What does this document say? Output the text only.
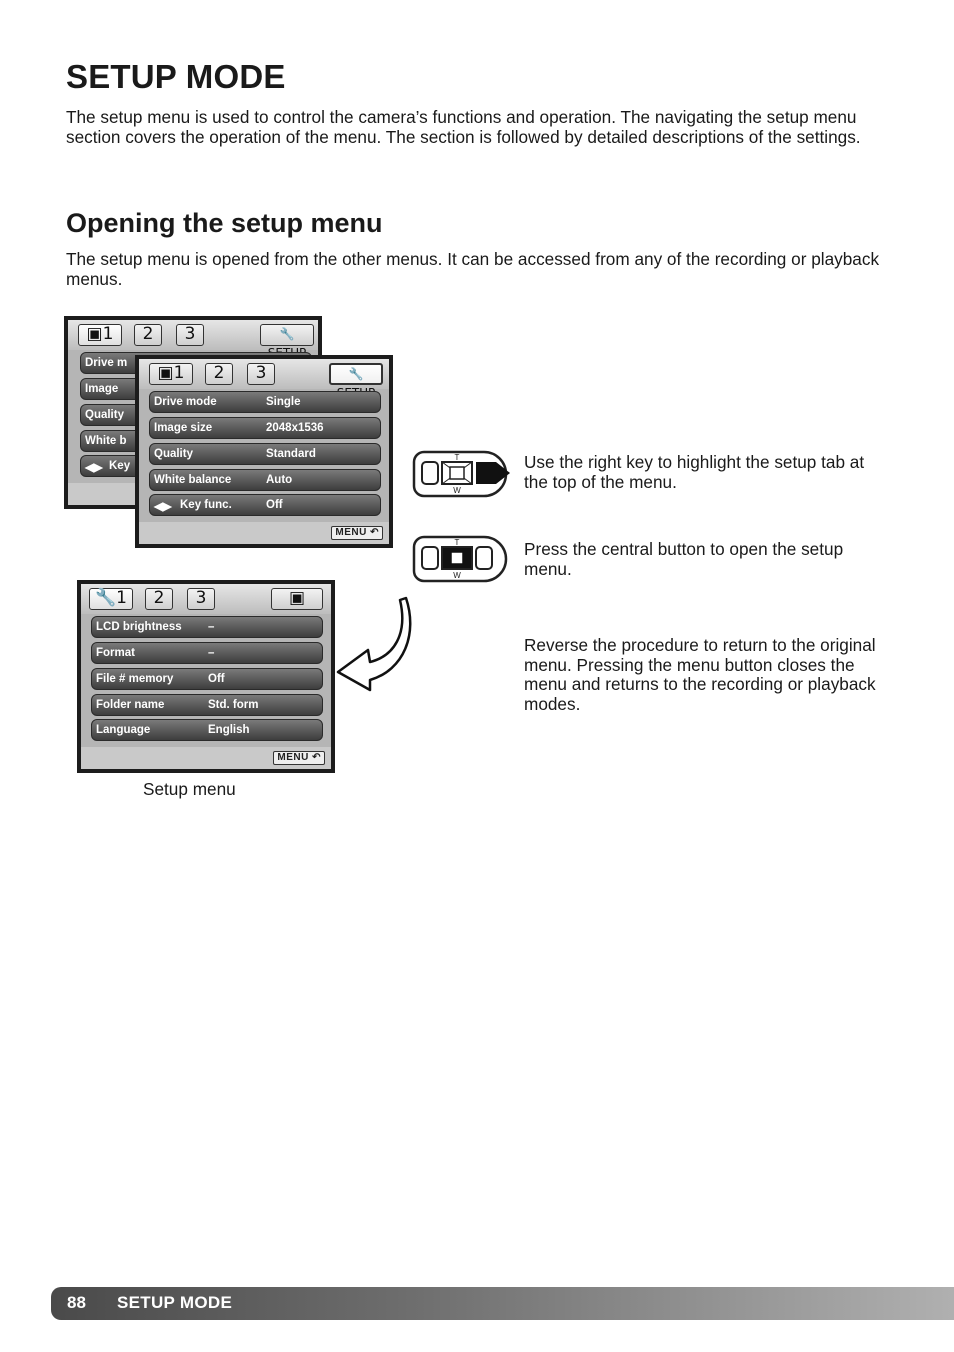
SETUP MODE

The setup menu is used to control the camera’s functions and operation. The navigating the setup menu section covers the operation of the menu. The section is followed by detailed descriptions of the settings.

Opening the setup menu

The setup menu is opened from the other menus. It can be accessed from any of the recording or playback menus.

▣1	2	3	🔧
Drive m
Image
Quality
White b
◀▶ Key
▣1	2	3	🔧
Drive mode	Single
Image size	2048x1536
Quality	Standard
White balance	Auto
◀▶ Key func.	Off
MENU ↶
🔧1	2	3	▣
LCD brightness –
Format	–
File # memory	Off
Folder name	Std. form
Language	English
MENU ↶
T
W
T
W

Use the right key to highlight the setup tab at the top of the menu.

Press the central button to open the setup menu.

Reverse the procedure to return to the original menu. Pressing the menu button closes the menu and returns to the recording or playback modes.

Setup menu

88 SETUP MODE
